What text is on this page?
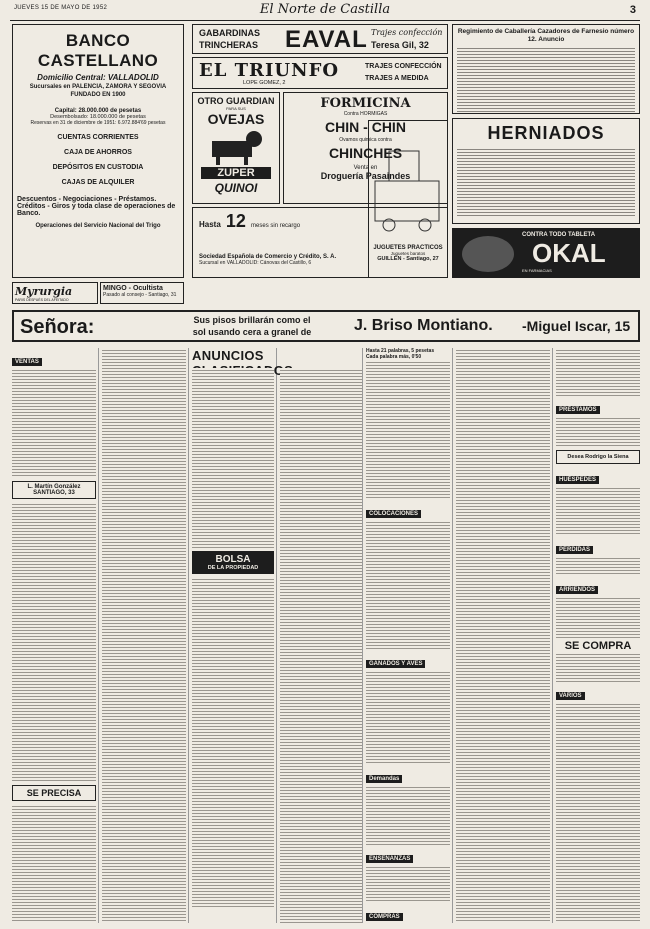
JUEVES 15 DE MAYO DE 1952	El Norte de Castilla	3
BANCO CASTELLANO
Domicilio Central: VALLADOLID
Sucursales en PALENCIA, ZAMORA Y SEGOVIA
FUNDADO EN 1900
Capital: 28.000.000 de pesetas
Desembolsado: 18.000.000 de pesetas
Reservas en 31 de diciembre de 1951: 6.972.884'69 pesetas
CUENTAS CORRIENTES
CAJA DE AHORROS
DEPÓSITOS EN CUSTODIA
CAJAS DE ALQUILER
Descuentos - Negociaciones - Préstamos.
Créditos - Giros y toda clase de operaciones de Banco.
Operaciones del Servicio Nacional del Trigo
Myrurgia
PARIS DESPUÉS DEL AFEITADO
MINGO - Ocultista
Pasado al consejo - Santiago, 31
GABARDINAS
TRINCHERAS EAVAL Trajes confección
Teresa Gil, 32
EL TRIUNFO
LOPE GOMEZ, 2
TRAJES CONFECCIÓN
TRAJES A MEDIDA
OTRO GUARDIAN
PARA SUS
OVEJAS
ZUPER
QUINOI
FORMICINA
Contra HORMIGAS
CHIN - CHIN
Ovamos quimica contra
CHINCHES
Venta en
Droguería Pasaindes
Hasta 12 meses sin recargo
Sociedad Española de Comercio y Crédito, S. A.
Sucursal en VALLADOLID: Cánovas del Castillo, 6
Regimiento de Caballería Cazadores de Farnesio número 12. Anuncio
JUGUETES PRACTICOS
Juguetes baratos
GUILLÉN - Santiago, 27
HERNIADOS
CONTRA TODO TABLETA
OKAL
EN FARMACIAS
Señora:	Sus pisos brillarán como el
sol usando cera a granel de	J. Briso Montiano. -Miguel Iscar, 15
VENTAS
L. Martín González
SANTIAGO, 33
SE PRECISA
ANUNCIOS
BOLSA
DE LA PROPIEDAD
Hasta 21 palabras, 5 pesetas
Cada palabra más, 0'50
COLOCACIONES
GANADOS Y AVES
Demandas
ENSEÑANZAS
COMPRAS
PRÉSTAMOS
Desea Rodrigo la Siena
HUÉSPEDES
PÉRDIDAS
ARRIENDOS
SE COMPRA
VARIOS
